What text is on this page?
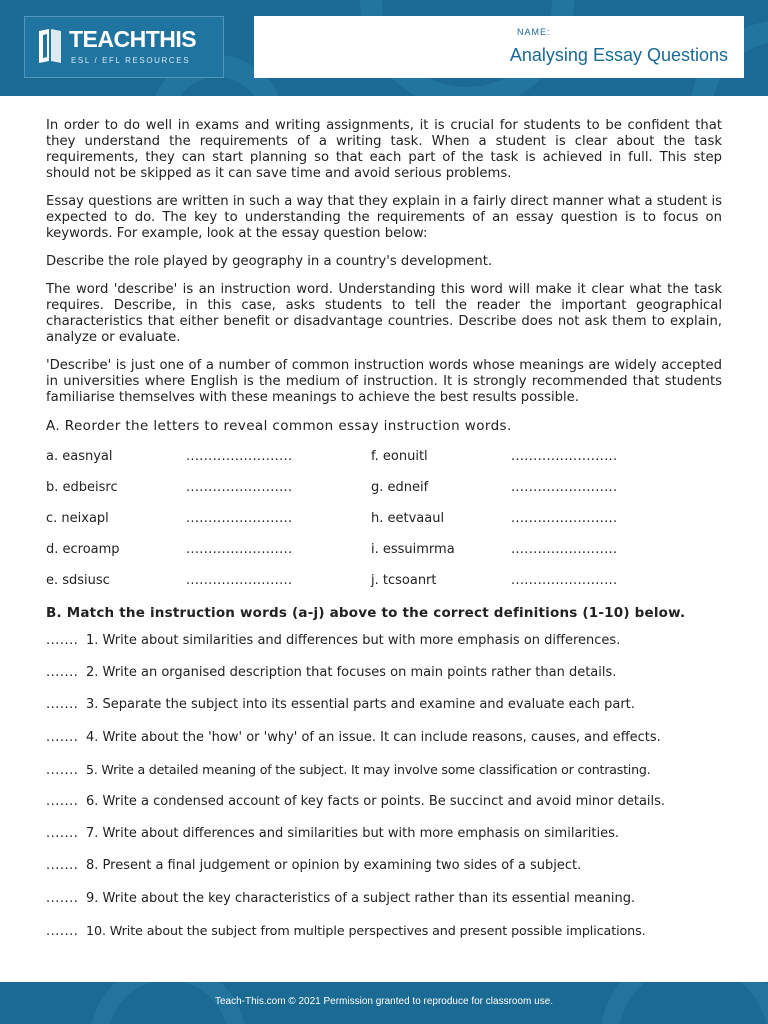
TEACHTHIS
ESL / EFL RESOURCES
NAME:
Analysing Essay Questions

In order to do well in exams and writing assignments, it is crucial for students to be confident that they understand the requirements of a writing task. When a student is clear about the task requirements, they can start planning so that each part of the task is achieved in full. This step should not be skipped as it can save time and avoid serious problems.

Essay questions are written in such a way that they explain in a fairly direct manner what a student is expected to do. The key to understanding the requirements of an essay question is to focus on keywords. For example, look at the essay question below:

Describe the role played by geography in a country's development.

The word 'describe' is an instruction word. Understanding this word will make it clear what the task requires. Describe, in this case, asks students to tell the reader the important geographical characteristics that either benefit or disadvantage countries. Describe does not ask them to explain, analyze or evaluate.

'Describe' is just one of a number of common instruction words whose meanings are widely accepted in universities where English is the medium of instruction. It is strongly recommended that students familiarise themselves with these meanings to achieve the best results possible.

A. Reorder the letters to reveal common essay instruction words.
a. easnyal	........................
b. edbeisrc	........................
c. neixapl	........................
d. ecroamp	........................
e. sdsiusc	........................
f. eonuitl	........................
g. edneif	........................
h. eetvaaul	........................
i. essuimrma	........................
j. tcsoanrt	........................
B. Match the instruction words (a-j) above to the correct definitions (1-10) below.
....... 1. Write about similarities and differences but with more emphasis on differences.
....... 2. Write an organised description that focuses on main points rather than details.
....... 3. Separate the subject into its essential parts and examine and evaluate each part.
....... 4. Write about the 'how' or 'why' of an issue. It can include reasons, causes, and effects.
....... 5. Write a detailed meaning of the subject. It may involve some classification or contrasting.
....... 6. Write a condensed account of key facts or points. Be succinct and avoid minor details.
....... 7. Write about differences and similarities but with more emphasis on similarities.
....... 8. Present a final judgement or opinion by examining two sides of a subject.
....... 9. Write about the key characteristics of a subject rather than its essential meaning.
....... 10. Write about the subject from multiple perspectives and present possible implications.
Teach-This.com © 2021 Permission granted to reproduce for classroom use.
